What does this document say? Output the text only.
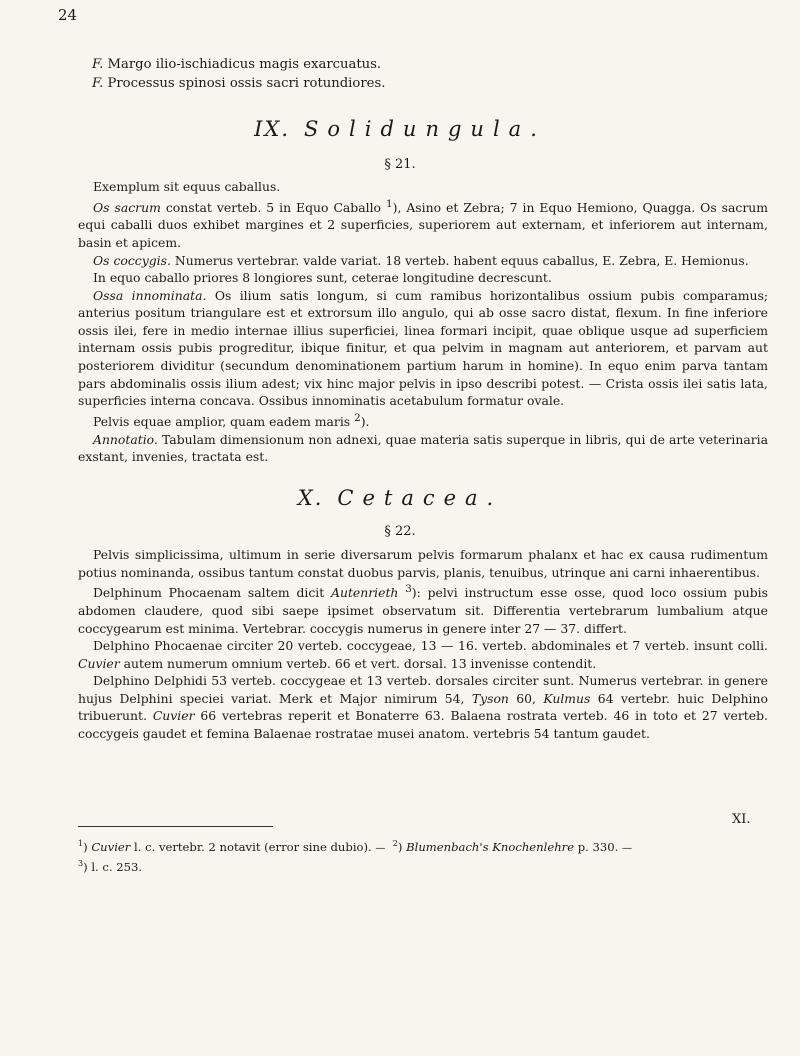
24
F. Margo ilio-ischiadicus magis exarcuatus.
F. Processus spinosi ossis sacri rotundiores.
IX. Solidungula.
§ 21.

Exemplum sit equus caballus.

Os sacrum constat verteb. 5 in Equo Caballo $^1$), Asino et Zebra; 7 in Equo Hemiono, Quagga. Os sacrum equi caballi duos exhibet margines et 2 superficies, superiorem aut externam, et inferiorem aut internam, basin et apicem.

Os coccygis. Numerus vertebrar. valde variat. 18 verteb. habent equus caballus, E. Zebra, E. Hemionus.

In equo caballo priores 8 longiores sunt, ceterae longitudine decrescunt.

Ossa innominata. Os ilium satis longum, si cum ramibus horizontalibus ossium pubis comparamus; anterius positum triangulare est et extrorsum illo angulo, qui ab osse sacro distat, flexum. In fine inferiore ossis ilei, fere in medio internae illius superficiei, linea formari incipit, quae oblique usque ad superficiem internam ossis pubis progreditur, ibique finitur, et qua pelvim in magnam aut anteriorem, et parvam aut posteriorem dividitur (secundum denominationem partium harum in homine). In equo enim parva tantam pars abdominalis ossis ilium adest; vix hinc major pelvis in ipso describi potest. — Crista ossis ilei satis lata, superficies interna concava. Ossibus innominatis acetabulum formatur ovale.

Pelvis equae amplior, quam eadem maris $^2$).

Annotatio. Tabulam dimensionum non adnexi, quae materia satis superque in libris, qui de arte veterinaria exstant, invenies, tractata est.

X. Cetacea.
§ 22.

Pelvis simplicissima, ultimum in serie diversarum pelvis formarum phalanx et hac ex causa rudimentum potius nominanda, ossibus tantum constat duobus parvis, planis, tenuibus, utrinque ani carni inhaerentibus.

Delphinum Phocaenam saltem dicit Autenrieth $^3$): pelvi instructum esse osse, quod loco ossium pubis abdomen claudere, quod sibi saepe ipsimet observatum sit. Differentia vertebrarum lumbalium atque coccygearum est minima. Vertebrar. coccygis numerus in genere inter 27 — 37. differt.

Delphino Phocaenae circiter 20 verteb. coccygeae, 13 — 16. verteb. abdominales et 7 verteb. insunt colli. Cuvier autem numerum omnium verteb. 66 et vert. dorsal. 13 invenisse contendit.

Delphino Delphidi 53 verteb. coccygeae et 13 verteb. dorsales circiter sunt. Numerus vertebrar. in genere hujus Delphini speciei variat. Merk et Major nimirum 54, Tyson 60, Kulmus 64 vertebr. huic Delphino tribuerunt. Cuvier 66 vertebras reperit et Bonaterre 63. Balaena rostrata verteb. 46 in toto et 27 verteb. coccygeis gaudet et femina Balaenae rostratae musei anatom. vertebris 54 tantum gaudet.

XI.
$^1$) Cuvier l. c. vertebr. 2 notavit (error sine dubio). — $^2$) Blumenbach's Knochenlehre p. 330. —
$^3$) l. c. 253.
